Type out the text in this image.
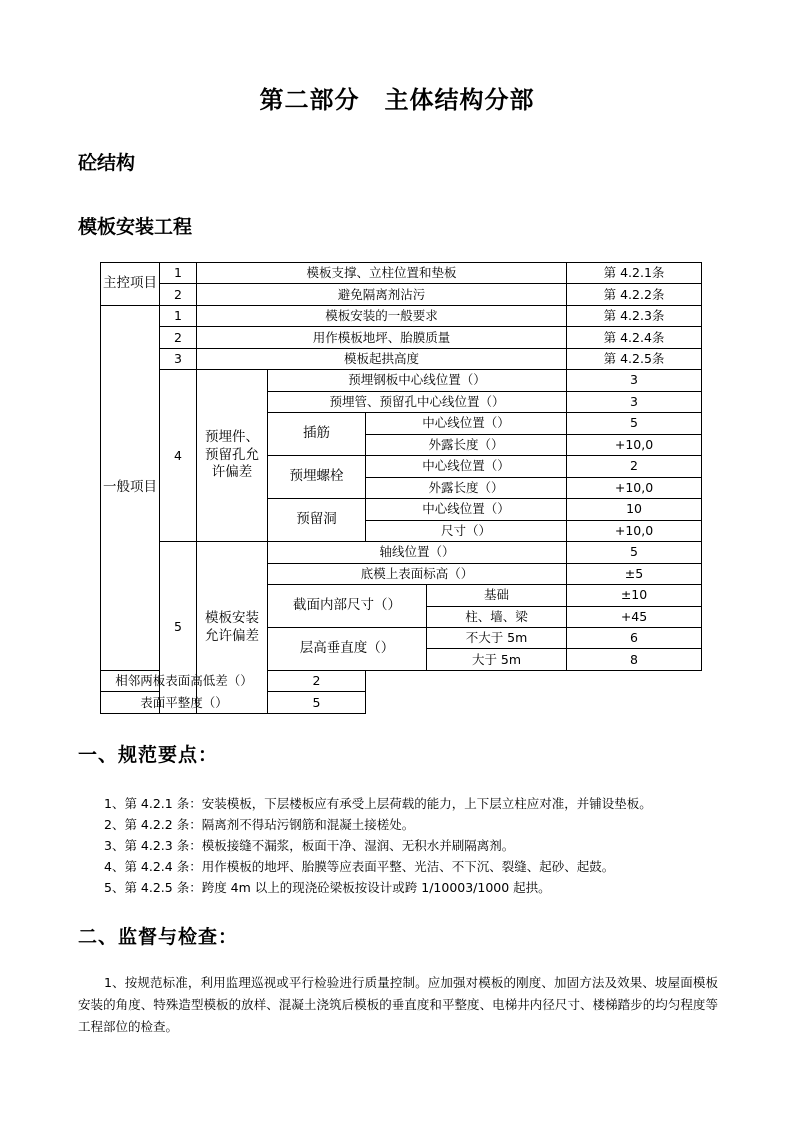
第二部分　主体结构分部
砼结构
模板安装工程
主控项目	1	模板支撑、立柱位置和垫板				第 4.2.1条
	2	避免隔离剂沾污				第 4.2.2条
一般项目	1	模板安装的一般要求				第 4.2.3条
	2	用作模板地坪、胎膜质量				第 4.2.4条
	3	模板起拱高度				第 4.2.5条
	4	预埋件、预留孔允许偏差	预埋钢板中心线位置（）			3
			预埋管、预留孔中心线位置（）			3
			插筋	中心线位置（）		5
				外露长度（）		+10,0
			预埋螺栓	中心线位置（）		2
				外露长度（）		+10,0
			预留洞	中心线位置（）		10
				尺寸（）		+10,0
	5	模板安装允许偏差	轴线位置（）			5
			底模上表面标高（）			±5
			截面内部尺寸（）		基础	±10
					柱、墙、梁	+45
			层高垂直度（）		不大于 5m	6
					大于 5m	8
相邻两板表面高低差（）			2			
表面平整度（）			5			
一、规范要点：
1、第 4.2.1 条：安装模板，下层楼板应有承受上层荷载的能力，上下层立柱应对准，并铺设垫板。
2、第 4.2.2 条：隔离剂不得玷污钢筋和混凝土接槎处。
3、第 4.2.3 条：模板接缝不漏浆，板面干净、湿润、无积水并刷隔离剂。
4、第 4.2.4 条：用作模板的地坪、胎膜等应表面平整、光洁、不下沉、裂缝、起砂、起鼓。
5、第 4.2.5 条：跨度 4m 以上的现浇砼梁板按设计或跨 1/10003/1000 起拱。
二、监督与检查：
1、按规范标准，利用监理巡视或平行检验进行质量控制。应加强对模板的刚度、加固方法及效果、坡屋面模板安装的角度、特殊造型模板的放样、混凝土浇筑后模板的垂直度和平整度、电梯井内径尺寸、楼梯踏步的均匀程度等工程部位的检查。
